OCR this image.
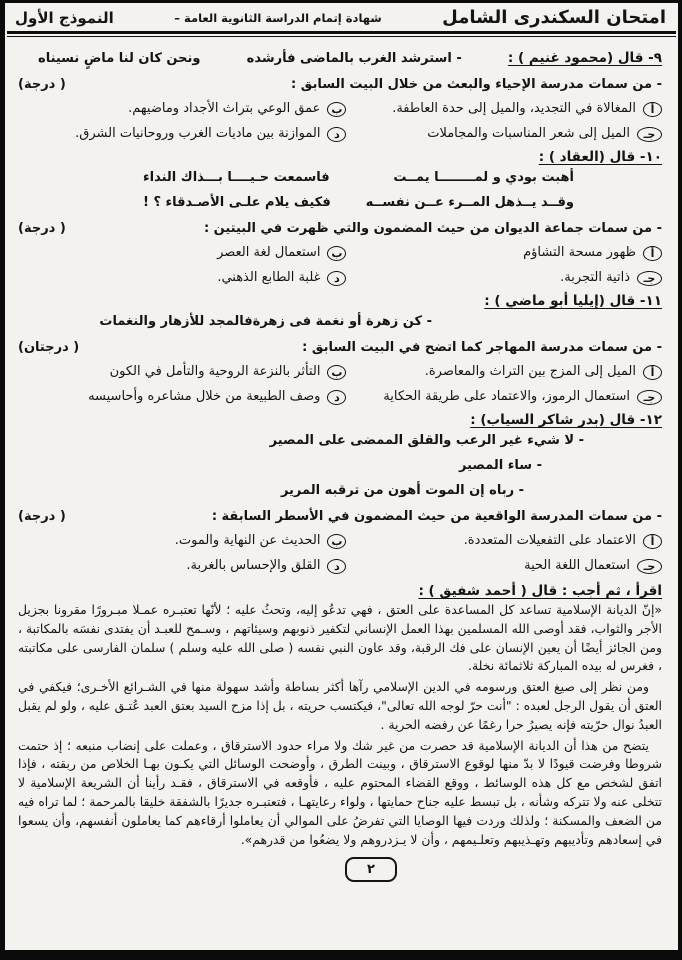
امتحان السكندرى الشامل
شهادة إتمام الدراسة الثانوية العامة –
النموذج الأول
٩- قال (محمود غنيم ) :
- استرشد الغرب بالماضى فأرشده
ونحن كان لنا ماضٍ نسيناه
- من سمات مدرسة الإحياء والبعث من خلال البيت السابق :
( درجة)
أ
المغالاة في التجديد، والميل إلى حدة العاطفة.
ب
عمق الوعي بتراث الأجداد وماضيهم.
جـ
الميل إلى شعر المناسبات والمجاملات
د
الموازنة بين ماديات الغرب وروحانيات الشرق.
١٠- قال (العقاد ) :
أهبت بودي و لمــــــــا يمــت
فاسمعت حـيــــا بـــذاك النداء
وقــد يــذهل المــرء عــن نفســه
فكيف يلام علـى الأصـدقاء ؟ !
- من سمات جماعة الديوان من حيث المضمون والتي ظهرت في البيتين :
( درجة)
أ
ظهور مسحة التشاؤم
ب
استعمال لغة العصر
جـ
ذاتية التجربة.
د
غلبة الطابع الذهني.
١١- قال (إيليا أبو ماضي ) :
- كن زهرة أو نغمة فى زهرة
فالمجد للأزهار والنغمات
- من سمات مدرسة المهاجر كما اتضح في البيت السابق :
( درجتان)
أ
الميل إلى المزج بين التراث والمعاصرة.
ب
التأثر بالنزعة الروحية والتأمل في الكون
جـ
استعمال الرموز، والاعتماد على طريقة الحكاية
د
وصف الطبيعة من خلال مشاعره وأحاسيسه
١٢- قال (بدر شاكر السياب) :
- لا شيء غير الرعب والقلق الممضى على المصير
- ساء المصير
- رباه إن الموت أهون من ترقبه المرير
- من سمات المدرسة الواقعية من حيث المضمون في الأسطر السابقة :
( درجة)
أ
الاعتماد على التفعيلات المتعددة.
ب
الحديث عن النهاية والموت.
جـ
استعمال اللغة الحية
د
القلق والإحساس بالغربة.
اقرأ ، ثم أجب : قال ( أحمد شفيق ) :

«إنّ الديانة الإسلامية تساعد كل المساعدة على العتق ، فهي تدعُو إليه، وتحثُ عليه ؛ لأنّها تعتبـره عمـلا مبـرورًا مقرونا بجزيل الأجر والثواب، فقد أوصى الله المسلمين بهذا العمل الإنساني لتكفير ذنوبهم وسيئاتهم ، وسـمح للعبـد أن يفتدى نفسَه بالمكاتبة ، ومن الجائز أيضًا أن يعين الإنسان على فك الرقبة، وقد عاون النبي نفسه ( صلى الله عليه وسلم ) سلمان الفارسى على مكاتبته ، فغرس له بيده المباركة ثلاثمائة نخلة.

ومن نظر إلى صيغ العتق ورسومه في الدين الإسلامي رآها أكثر بساطة وأشد سهولة منها في الشـرائع الأخـرى؛ فيكفي في العتق أن يقول الرجل لعبده : "أنت حرّ لوجه الله تعالى"، فيكتسب حريته ، بل إذا مزح السيد بعتق العبد عُتـق عليه ، ولو لم يقبل العبدُ نوال حرّيته فإنه يصيرُ حرا رغمًا عن رفضه الحرية .

يتضح من هذا أن الديانة الإسلامية قد حصرت من غير شك ولا مراء حدود الاسترقاق ، وعملت على إنضاب منبعه ؛ إذ حتمت شروطا وفرضت قيودًا لا بدّ منها لوقوع الاسترقاق ، وبينت الطرق ، وأوضحت الوسائل التي يكـون بهـا الخلاص من ربقته ، فإذا اتفق لشخص مع كل هذه الوسائط ، ووقع القضاء المحتوم عليه ، فأوقعه في الاسترقاق ، فقـد رأينا أن الشريعة الإسلامية لا تتخلى عنه ولا تتركه وشأنه ، بل تبسط عليه جناح حمايتها ، ولواء رعايتهـا ، فتعتبـره جديرًا بالشفقة خليقا بالمرحمة ؛ لما تراه فيه من الضعف والمسكنة ؛ ولذلك وردت فيها الوصايا التي تفرضُ على الموالي أن يعاملوا أرقاءهم كما يعاملون أنفسهم، وأن يسعوا في إسعادهم وتأديبهم وتهـذيبهم وتعلـيمهم ، وأن لا يـزدروهم ولا يضعُوا من قدرهم».

٢
